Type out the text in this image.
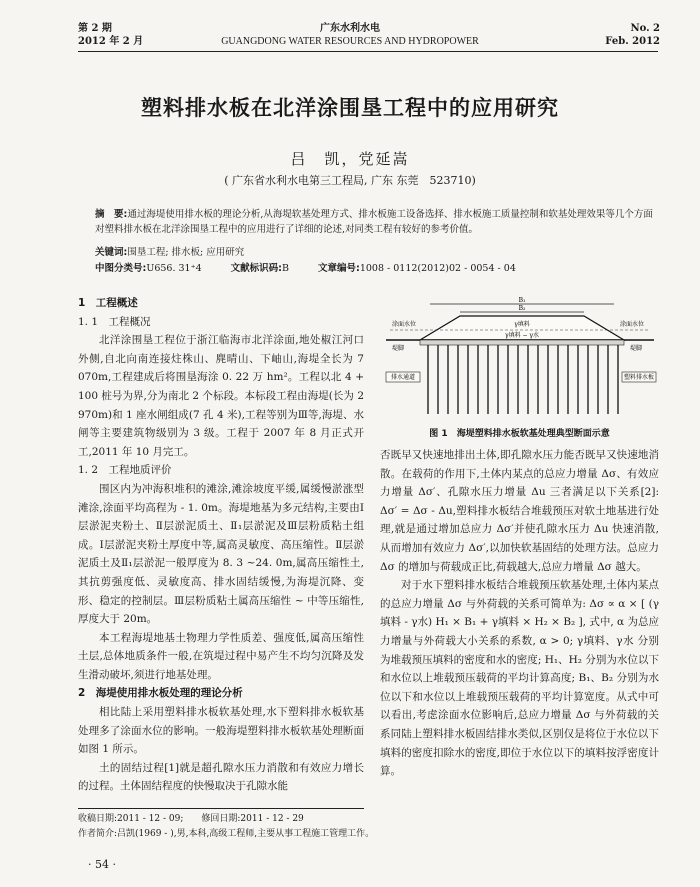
第 2 期
2012 年 2 月
广东水利水电
GUANGDONG WATER RESOURCES AND HYDROPOWER
No. 2
Feb. 2012
塑料排水板在北洋涂围垦工程中的应用研究
吕　凯，党延嵩
( 广东省水利水电第三工程局, 广东 东莞　523710)
摘　要:通过海堤使用排水板的理论分析,从海堤软基处理方式、排水板施工设备选择、排水板施工质量控制和软基处理效果等几个方面对塑料排水板在北洋涂围垦工程中的应用进行了详细的论述,对同类工程有较好的参考价值。
关键词:围垦工程; 排水板; 应用研究
中图分类号:U656. 31⁺4	文献标识码:B	文章编号:1008 - 0112(2012)02 - 0054 - 04

1　工程概述

1. 1　工程概况

北洋涂围垦工程位于浙江临海市北洋涂面,地处椒江河口外侧,自北向南连接炷株山、麂晴山、下岫山,海堤全长为 7 070m,工程建成后将围垦海涂 0. 22 万 hm²。工程以北 4 + 100 桩号为界,分为南北 2 个标段。本标段工程由海堤(长为 2 970m)和 1 座水闸组成(7 孔 4 米),工程等别为Ⅲ等,海堤、水闸等主要建筑物级别为 3 级。工程于 2007 年 8 月正式开工,2011 年 10 月完工。

1. 2　工程地质评价

围区内为冲海积堆积的滩涂,滩涂坡度平缓,属缓慢淤涨型滩涂,涂面平均高程为 - 1. 0m。海堤地基为多元结构,主要由Ⅰ层淤泥夹粉土、Ⅱ层淤泥质土、Ⅱ₁层淤泥及Ⅲ层粉质粘土组成。Ⅰ层淤泥夹粉土厚度中等,属高灵敏度、高压缩性。Ⅱ层淤泥质土及Ⅱ₁层淤泥一般厚度为 8. 3 ~24. 0m,属高压缩性土,其抗剪强度低、灵敏度高、排水固结缓慢,为海堤沉降、变形、稳定的控制层。Ⅲ层粉质粘土属高压缩性 ~ 中等压缩性,厚度大于 20m。

本工程海堤地基土物理力学性质差、强度低,属高压缩性土层,总体地质条件一般,在筑堤过程中易产生不均匀沉降及发生滑动破坏,须进行地基处理。

2　海堤使用排水板处理的理论分析

相比陆上采用塑料排水板软基处理,水下塑料排水板软基处理多了涂面水位的影响。一般海堤塑料排水板软基处理断面如图 1 所示。

土的固结过程[1]就是超孔隙水压力消散和有效应力增长的过程。土体固结程度的快慢取决于孔隙水能

B₁
B₂
γ填料
涂面水位	涂面水位
γ填料 − γ水
堤脚	堤脚
排水通道	塑料排水板
图 1　海堤塑料排水板软基处理典型断面示意

否既早又快速地排出土体,即孔隙水压力能否既早又快速地消散。在载荷的作用下,土体内某点的总应力增量 Δσ、有效应力增量 Δσ′、孔隙水压力增量 Δu 三者满足以下关系[2]: Δσ′ = Δσ - Δu,塑料排水板结合堆载预压对软土地基进行处理,就是通过增加总应力 Δσ′并使孔隙水压力 Δu 快速消散,从而增加有效应力 Δσ′,以加快软基固结的处理方法。总应力 Δσ 的增加与荷载成正比,荷载越大,总应力增量 Δσ 越大。

对于水下塑料排水板结合堆载预压软基处理,土体内某点的总应力增量 Δσ 与外荷载的关系可简单为: Δσ ∝ α × [ (γ填料 - γ水) H₁ × B₁ + γ填料 × H₂ × B₂ ], 式中, α 为总应力增量与外荷载大小关系的系数, α > 0; γ填料、γ水 分别为堆载预压填料的密度和水的密度; H₁、H₂ 分别为水位以下和水位以上堆载预压载荷的平均计算高度; B₁、B₂ 分别为水位以下和水位以上堆载预压载荷的平均计算宽度。从式中可以看出,考虑涂面水位影响后,总应力增量 Δσ 与外荷载的关系同陆上塑料排水板固结排水类似,区别仅是将位于水位以下填料的密度扣除水的密度,即位于水位以下的填料按浮密度计算。

收稿日期:2011 - 12 - 09;　　修回日期:2011 - 12 - 29
作者简介:吕凯(1969 - ),男,本科,高级工程师,主要从事工程施工管理工作。
· 54 ·
